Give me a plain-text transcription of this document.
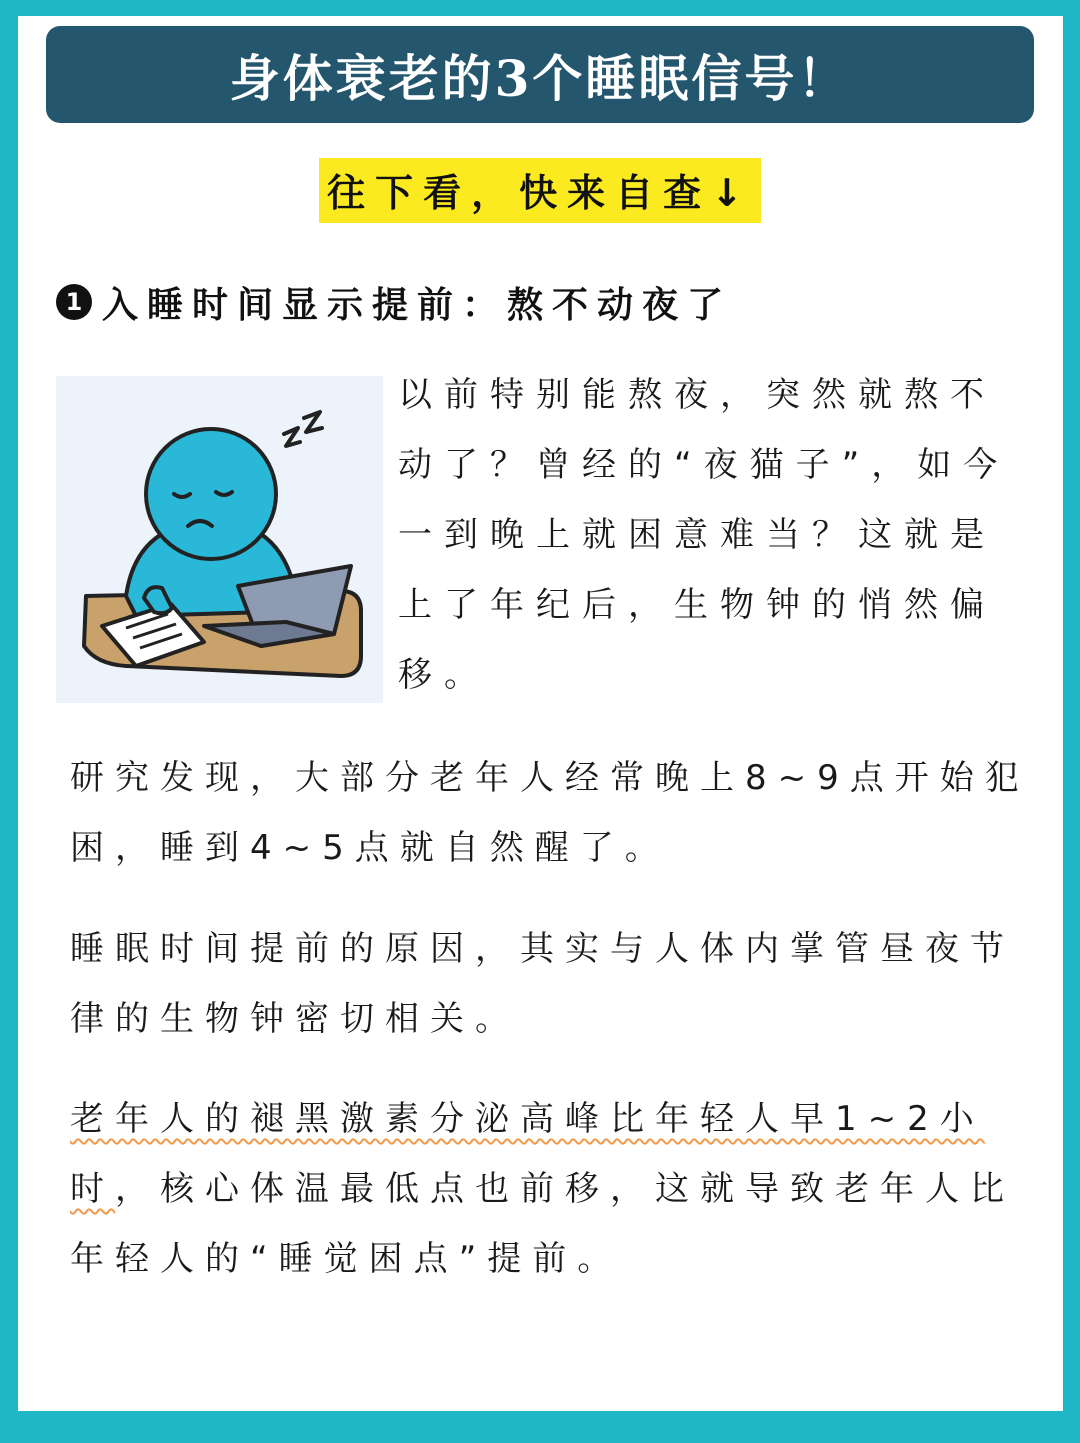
身体衰老的3个睡眠信号！
往下看，快来自查↓
1 入睡时间显示提前：熬不动夜了

以前特别能熬夜，突然就熬不动了？曾经的“夜猫子”，如今一到晚上就困意难当？这就是上了年纪后，生物钟的悄然偏移。

研究发现，大部分老年人经常晚上8~9点开始犯困，睡到4~5点就自然醒了。

睡眠时间提前的原因，其实与人体内掌管昼夜节律的生物钟密切相关。

老年人的褪黑激素分泌高峰比年轻人早1~2小时，核心体温最低点也前移，这就导致老年人比年轻人的“睡觉困点”提前。
